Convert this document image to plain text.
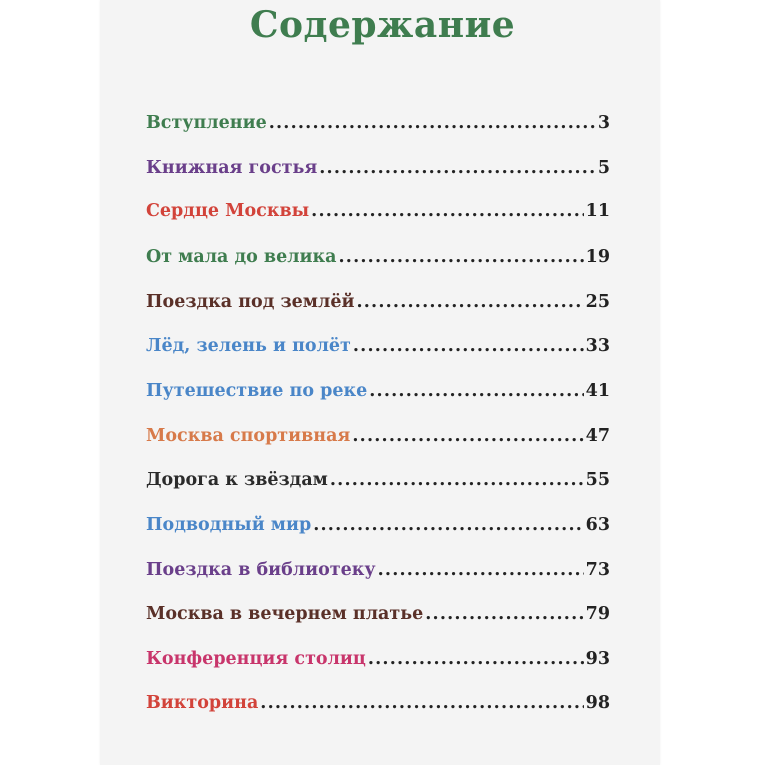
Содержание
Вступление .....	3
Книжная гостья .....	5
Сердце Москвы .....	11
От мала до велика .....	19
Поездка под землёй .....	25
Лёд, зелень и полёт .....	33
Путешествие по реке .....	41
Москва спортивная .....	47
Дорога к звёздам .....	55
Подводный мир .....	63
Поездка в библиотеку .....	73
Москва в вечернем платье .....	79
Конференция столиц .....	93
Викторина .....	98
